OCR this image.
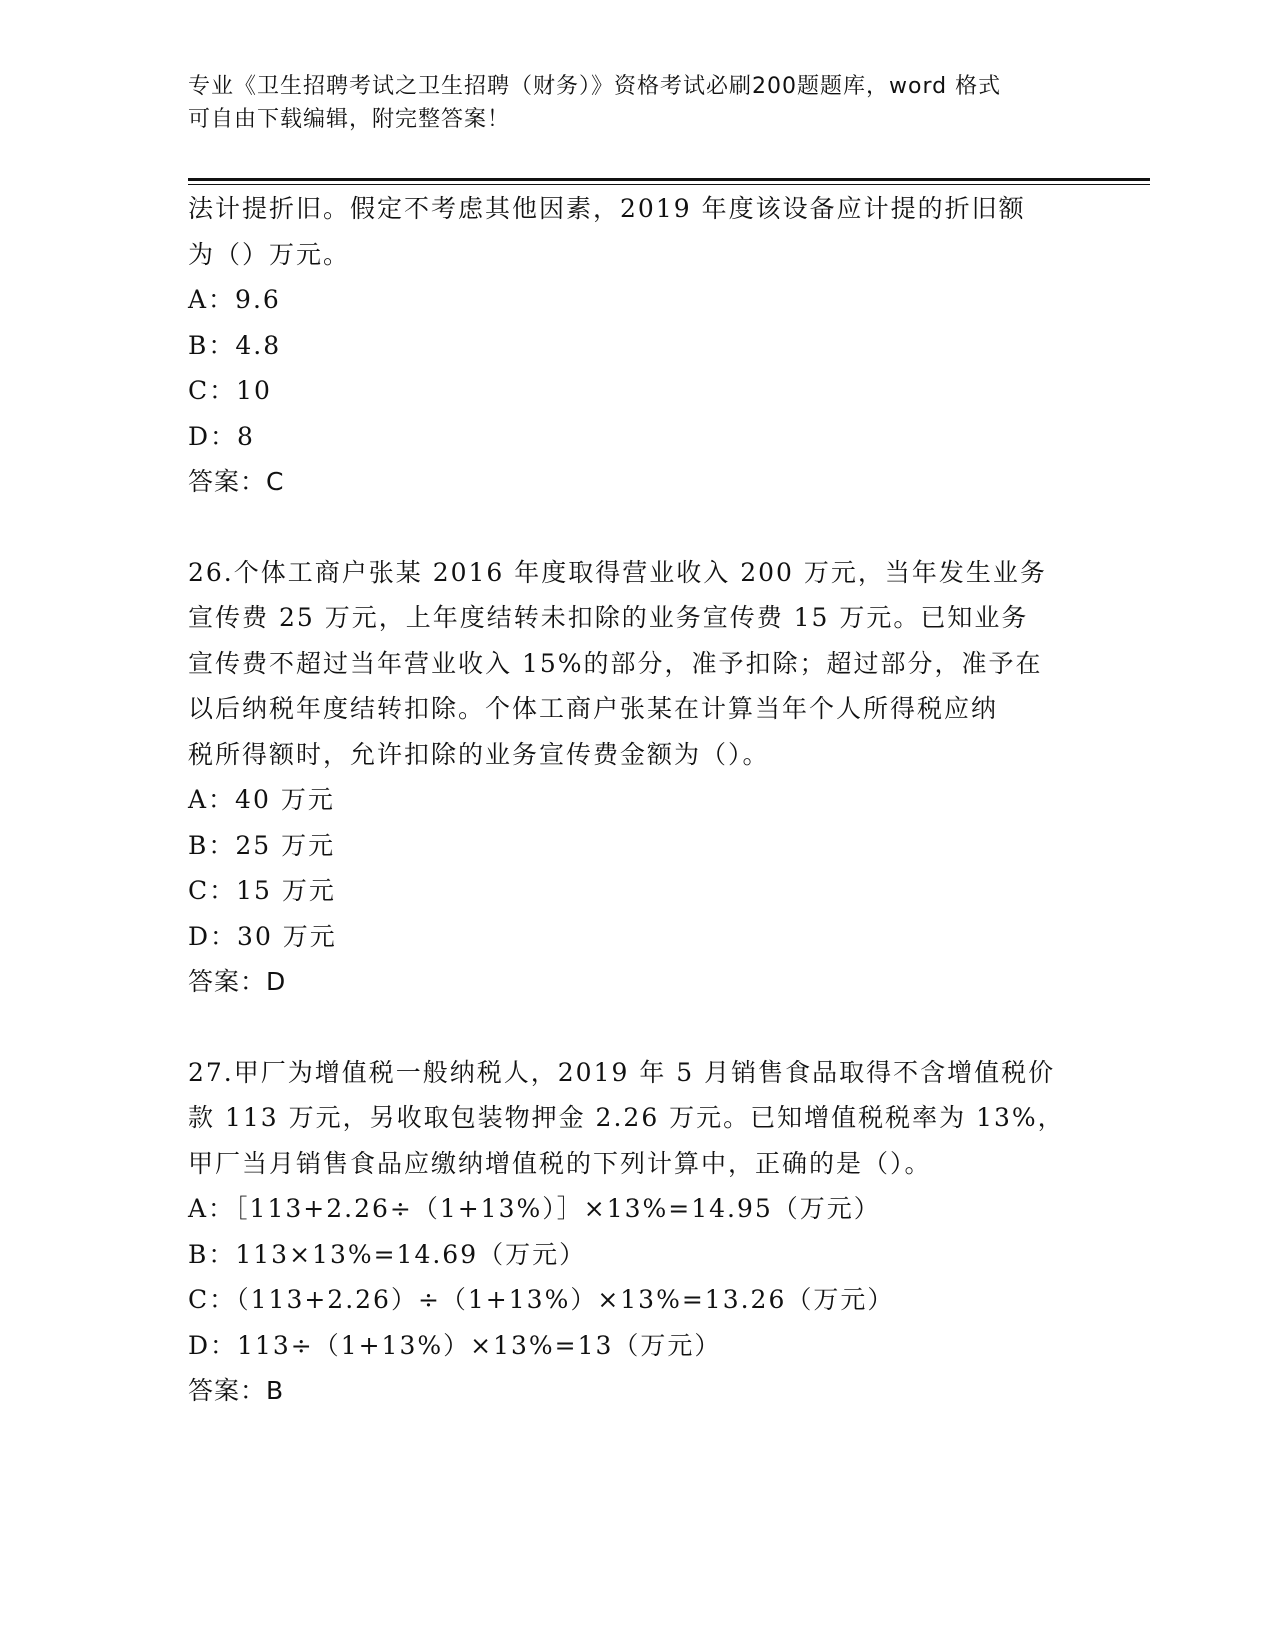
专业《卫生招聘考试之卫生招聘（财务）》资格考试必刷200题题库，word 格式
可自由下载编辑，附完整答案！
法计提折旧。假定不考虑其他因素，2019 年度该设备应计提的折旧额
为（）万元。
A：9.6
B：4.8
C：10
D：8
答案：C
26.个体工商户张某 2016 年度取得营业收入 200 万元，当年发生业务
宣传费 25 万元，上年度结转未扣除的业务宣传费 15 万元。已知业务
宣传费不超过当年营业收入 15%的部分，准予扣除；超过部分，准予在
以后纳税年度结转扣除。个体工商户张某在计算当年个人所得税应纳
税所得额时，允许扣除的业务宣传费金额为（）。
A：40 万元
B：25 万元
C：15 万元
D：30 万元
答案：D
27.甲厂为增值税一般纳税人，2019 年 5 月销售食品取得不含增值税价
款 113 万元，另收取包装物押金 2.26 万元。已知增值税税率为 13%，
甲厂当月销售食品应缴纳增值税的下列计算中，正确的是（）。
A：［113+2.26÷（1+13%）］×13%=14.95（万元）
B：113×13%=14.69（万元）
C：（113+2.26）÷（1+13%）×13%=13.26（万元）
D：113÷（1+13%）×13%=13（万元）
答案：B
